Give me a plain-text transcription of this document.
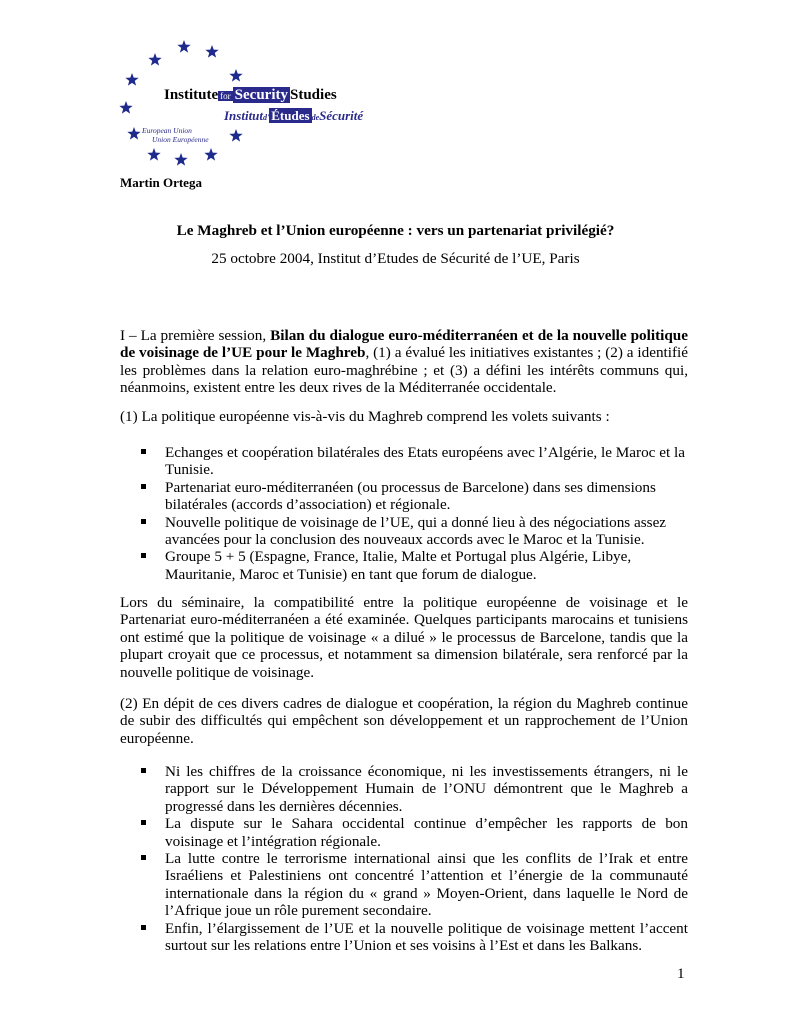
Institute for Security Studies
Institutd' Études deSécurité
European Union
Union Européenne
Martin Ortega
Le Maghreb et l’Union européenne : vers un partenariat privilégié?
25 octobre 2004, Institut d’Etudes de Sécurité de l’UE, Paris
I – La première session, Bilan du dialogue euro-méditerranéen et de la nouvelle politique de voisinage de l’UE pour le Maghreb, (1) a évalué les initiatives existantes ; (2) a identifié les problèmes dans la relation euro-maghrébine ; et (3) a défini les intérêts communs qui, néanmoins, existent entre les deux rives de la Méditerranée occidentale.
(1) La politique européenne vis-à-vis du Maghreb comprend les volets suivants :
Echanges et coopération bilatérales des Etats européens avec l’Algérie, le Maroc et la Tunisie.
Partenariat euro-méditerranéen (ou processus de Barcelone) dans ses dimensions bilatérales (accords d’association) et régionale.
Nouvelle politique de voisinage de l’UE, qui a donné lieu à des négociations assez avancées pour la conclusion des nouveaux accords avec le Maroc et la Tunisie.
Groupe 5 + 5 (Espagne, France, Italie, Malte et Portugal plus Algérie, Libye, Mauritanie, Maroc et Tunisie) en tant que forum de dialogue.
Lors du séminaire, la compatibilité entre la politique européenne de voisinage et le Partenariat euro-méditerranéen a été examinée. Quelques participants marocains et tunisiens ont estimé que la politique de voisinage « a dilué » le processus de Barcelone, tandis que la plupart croyait que ce processus, et notamment sa dimension bilatérale, sera renforcé par la nouvelle politique de voisinage.
(2) En dépit de ces divers cadres de dialogue et coopération, la région du Maghreb continue de subir des difficultés qui empêchent son développement et un rapprochement de l’Union européenne.
Ni les chiffres de la croissance économique, ni les investissements étrangers, ni le rapport sur le Développement Humain de l’ONU démontrent que le Maghreb a progressé dans les dernières décennies.
La dispute sur le Sahara occidental continue d’empêcher les rapports de bon voisinage et l’intégration régionale.
La lutte contre le terrorisme international ainsi que les conflits de l’Irak et entre Israéliens et Palestiniens ont concentré l’attention et l’énergie de la communauté internationale dans la région du « grand » Moyen-Orient, dans laquelle le Nord de l’Afrique joue un rôle purement secondaire.
Enfin, l’élargissement de l’UE et la nouvelle politique de voisinage mettent l’accent surtout sur les relations entre l’Union et ses voisins à l’Est et dans les Balkans.
1
